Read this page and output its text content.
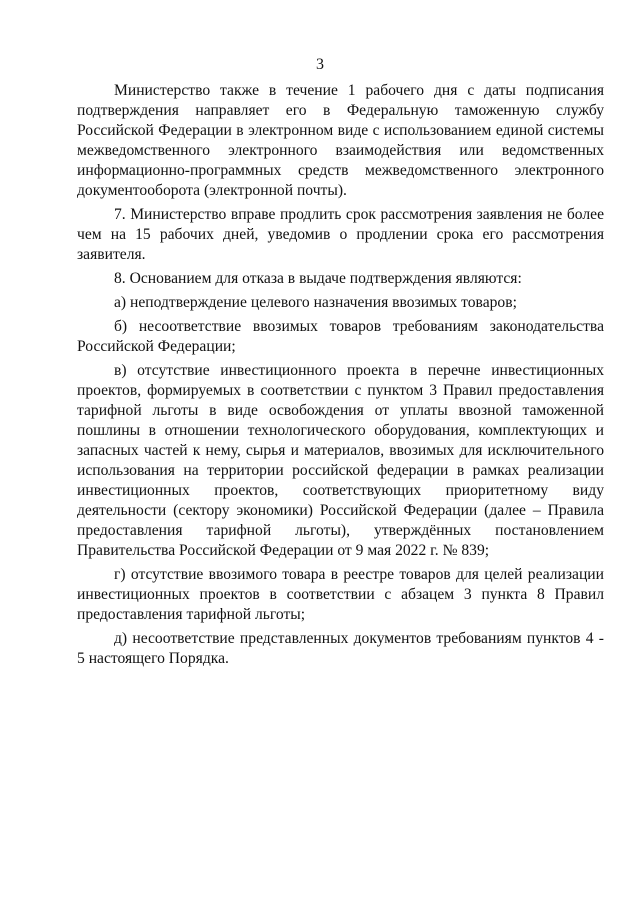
3

Министерство также в течение 1 рабочего дня с даты подписания подтверждения направляет его в Федеральную таможенную службу Российской Федерации в электронном виде с использованием единой системы межведомственного электронного взаимодействия или ведомственных информационно-программных средств межведомственного электронного документооборота (электронной почты).

7. Министерство вправе продлить срок рассмотрения заявления не более чем на 15 рабочих дней, уведомив о продлении срока его рассмотрения заявителя.

8. Основанием для отказа в выдаче подтверждения являются:

а) неподтверждение целевого назначения ввозимых товаров;

б) несоответствие ввозимых товаров требованиям законодательства Российской Федерации;

в) отсутствие инвестиционного проекта в перечне инвестиционных проектов, формируемых в соответствии с пунктом 3 Правил предоставления тарифной льготы в виде освобождения от уплаты ввозной таможенной пошлины в отношении технологического оборудования, комплектующих и запасных частей к нему, сырья и материалов, ввозимых для исключительного использования на территории российской федерации в рамках реализации инвестиционных проектов, соответствующих приоритетному виду деятельности (сектору экономики) Российской Федерации (далее – Правила предоставления тарифной льготы), утверждённых постановлением Правительства Российской Федерации от 9 мая 2022 г. № 839;

г) отсутствие ввозимого товара в реестре товаров для целей реализации инвестиционных проектов в соответствии с абзацем 3 пункта 8 Правил предоставления тарифной льготы;

д) несоответствие представленных документов требованиям пунктов 4 - 5 настоящего Порядка.
